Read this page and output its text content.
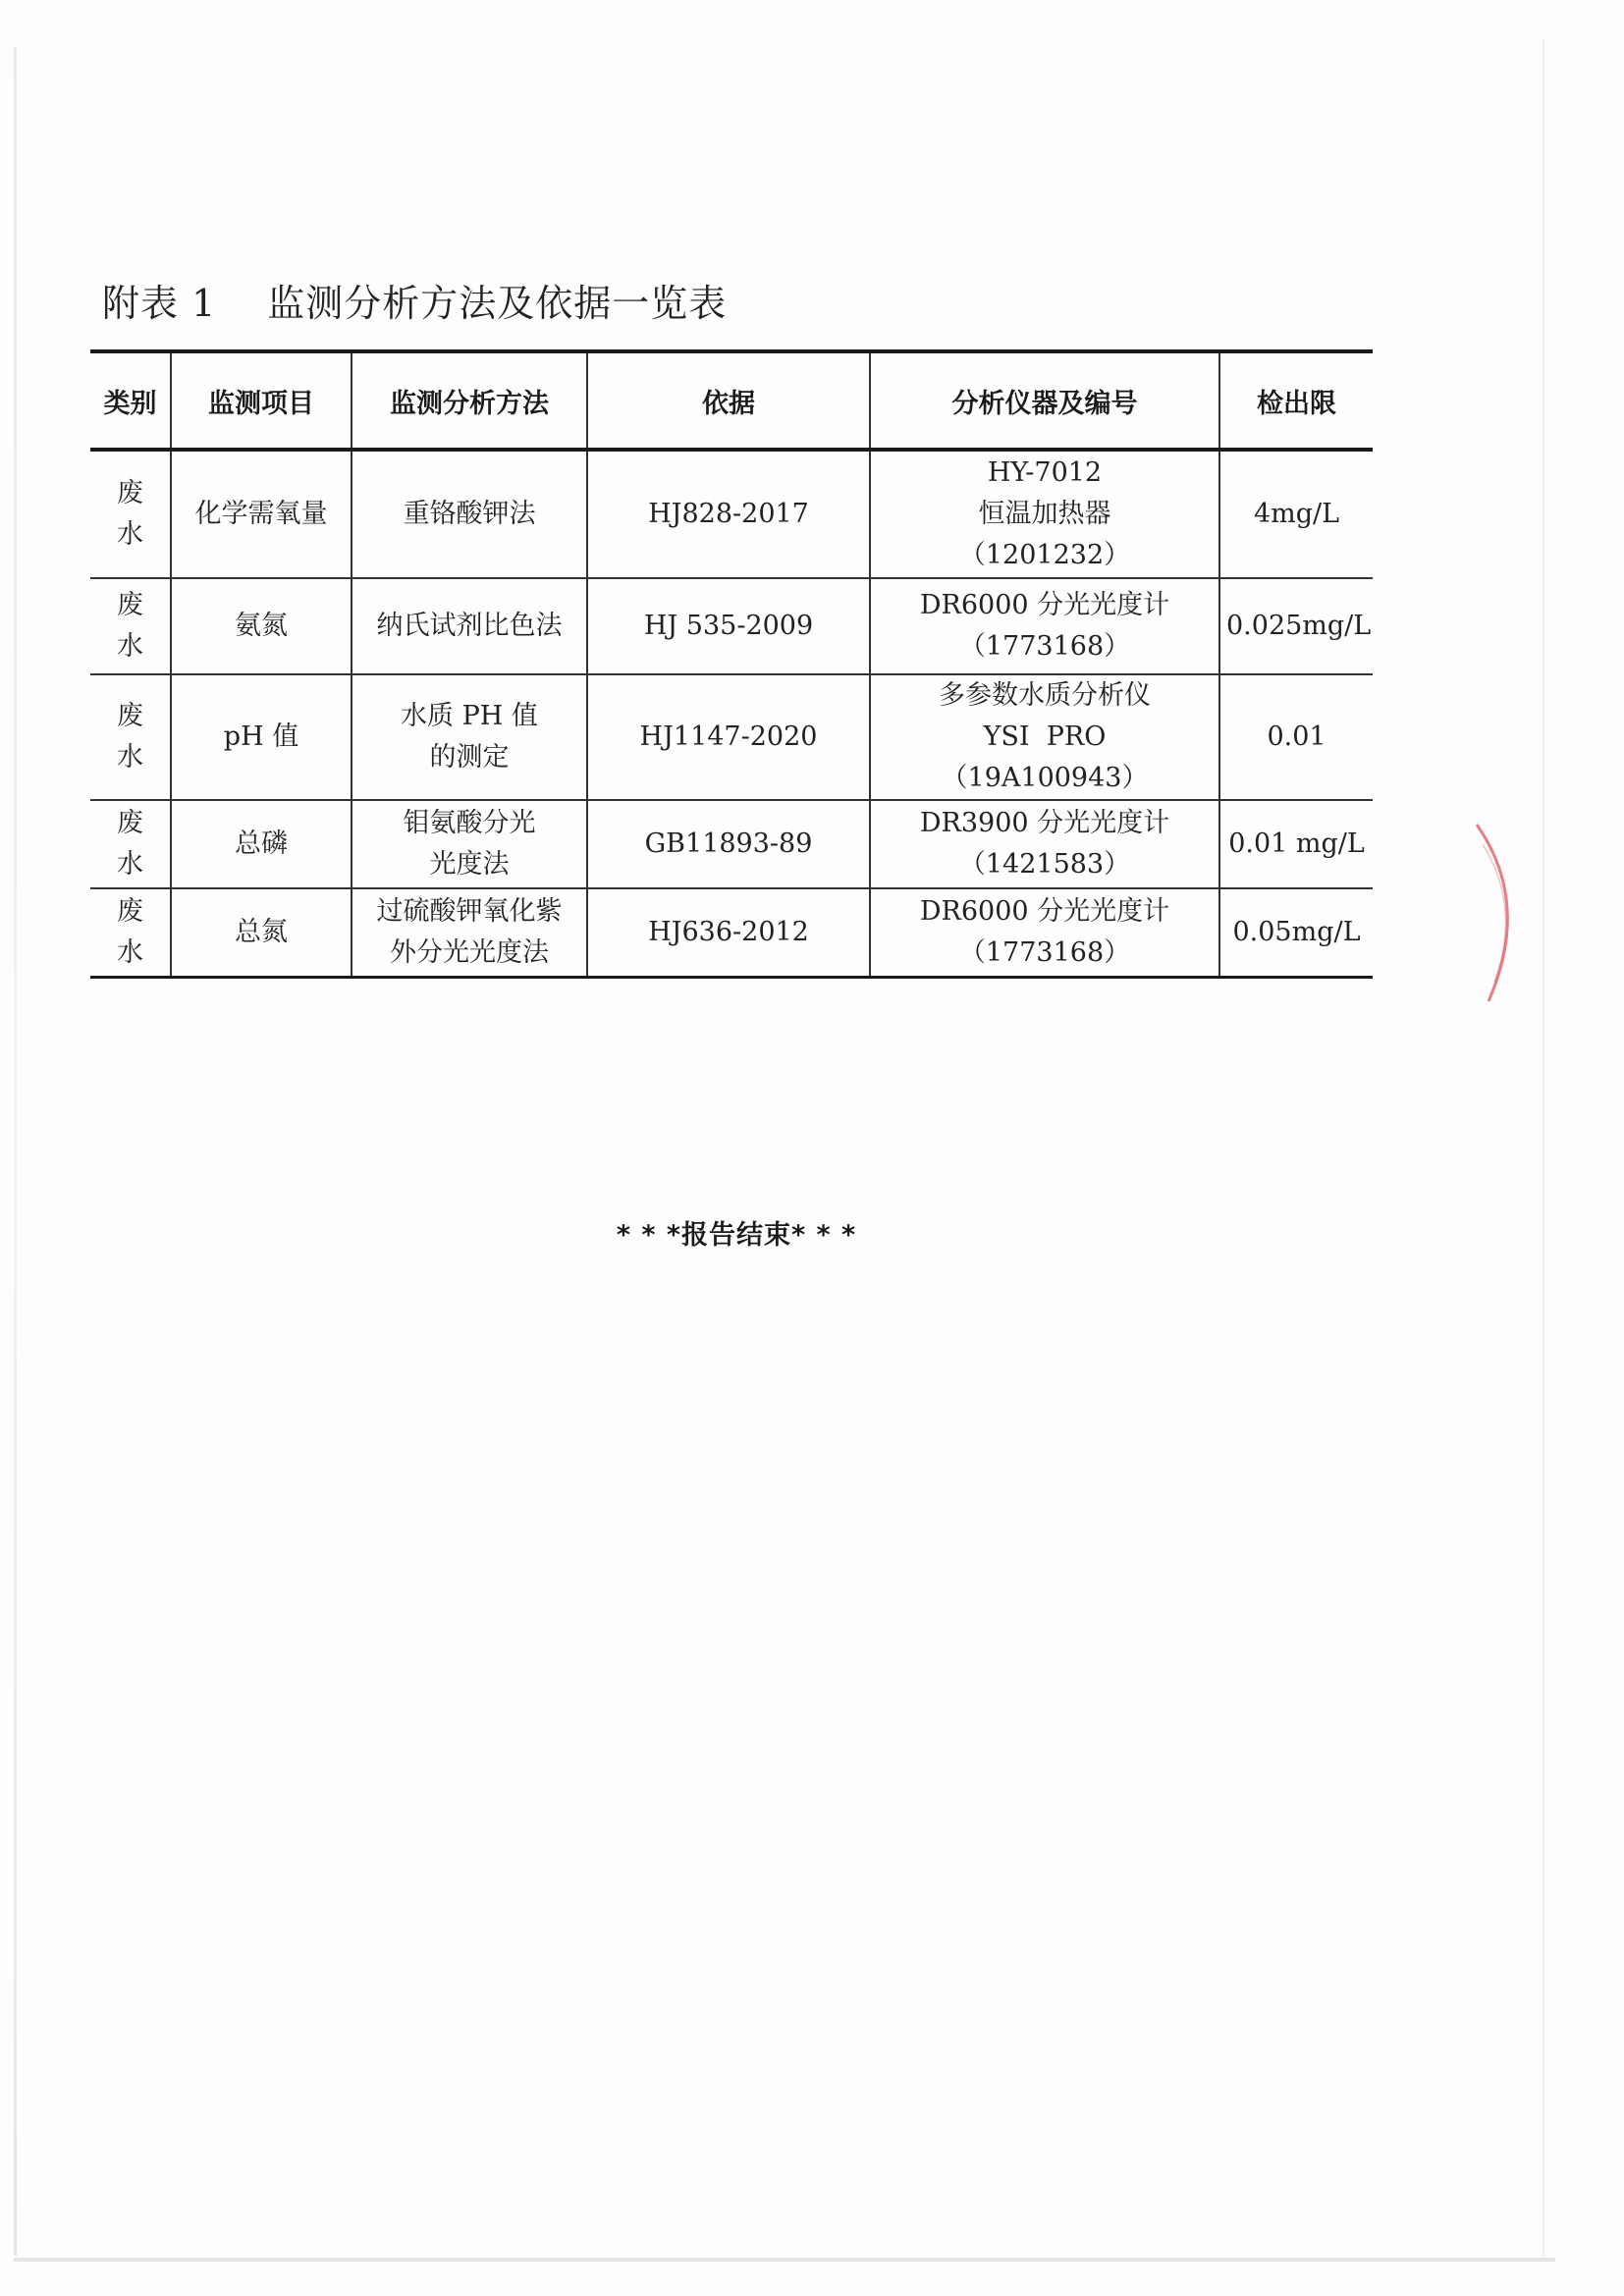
附表 1 监测分析方法及依据一览表
类别	监测项目	监测分析方法	依据	分析仪器及编号	检出限

废
水	化学需氧量	重铬酸钾法	HJ828-2017	HY-7012
恒温加热器
（1201232）	4mg/L

废
水	氨氮	纳氏试剂比色法	HJ 535-2009	DR6000 分光光度计
（1773168）	0.025mg/L

废
水	pH 值	水质 PH 值
的测定	HJ1147-2020	多参数水质分析仪
YSI  PRO
（19A100943）	0.01

废
水	总磷	钼氨酸分光
光度法	GB11893-89	DR3900 分光光度计
（1421583）	0.01 mg/L

废
水	总氮	过硫酸钾氧化紫
外分光光度法	HJ636-2012	DR6000 分光光度计
（1773168）	0.05mg/L
* * *报告结束* * *
